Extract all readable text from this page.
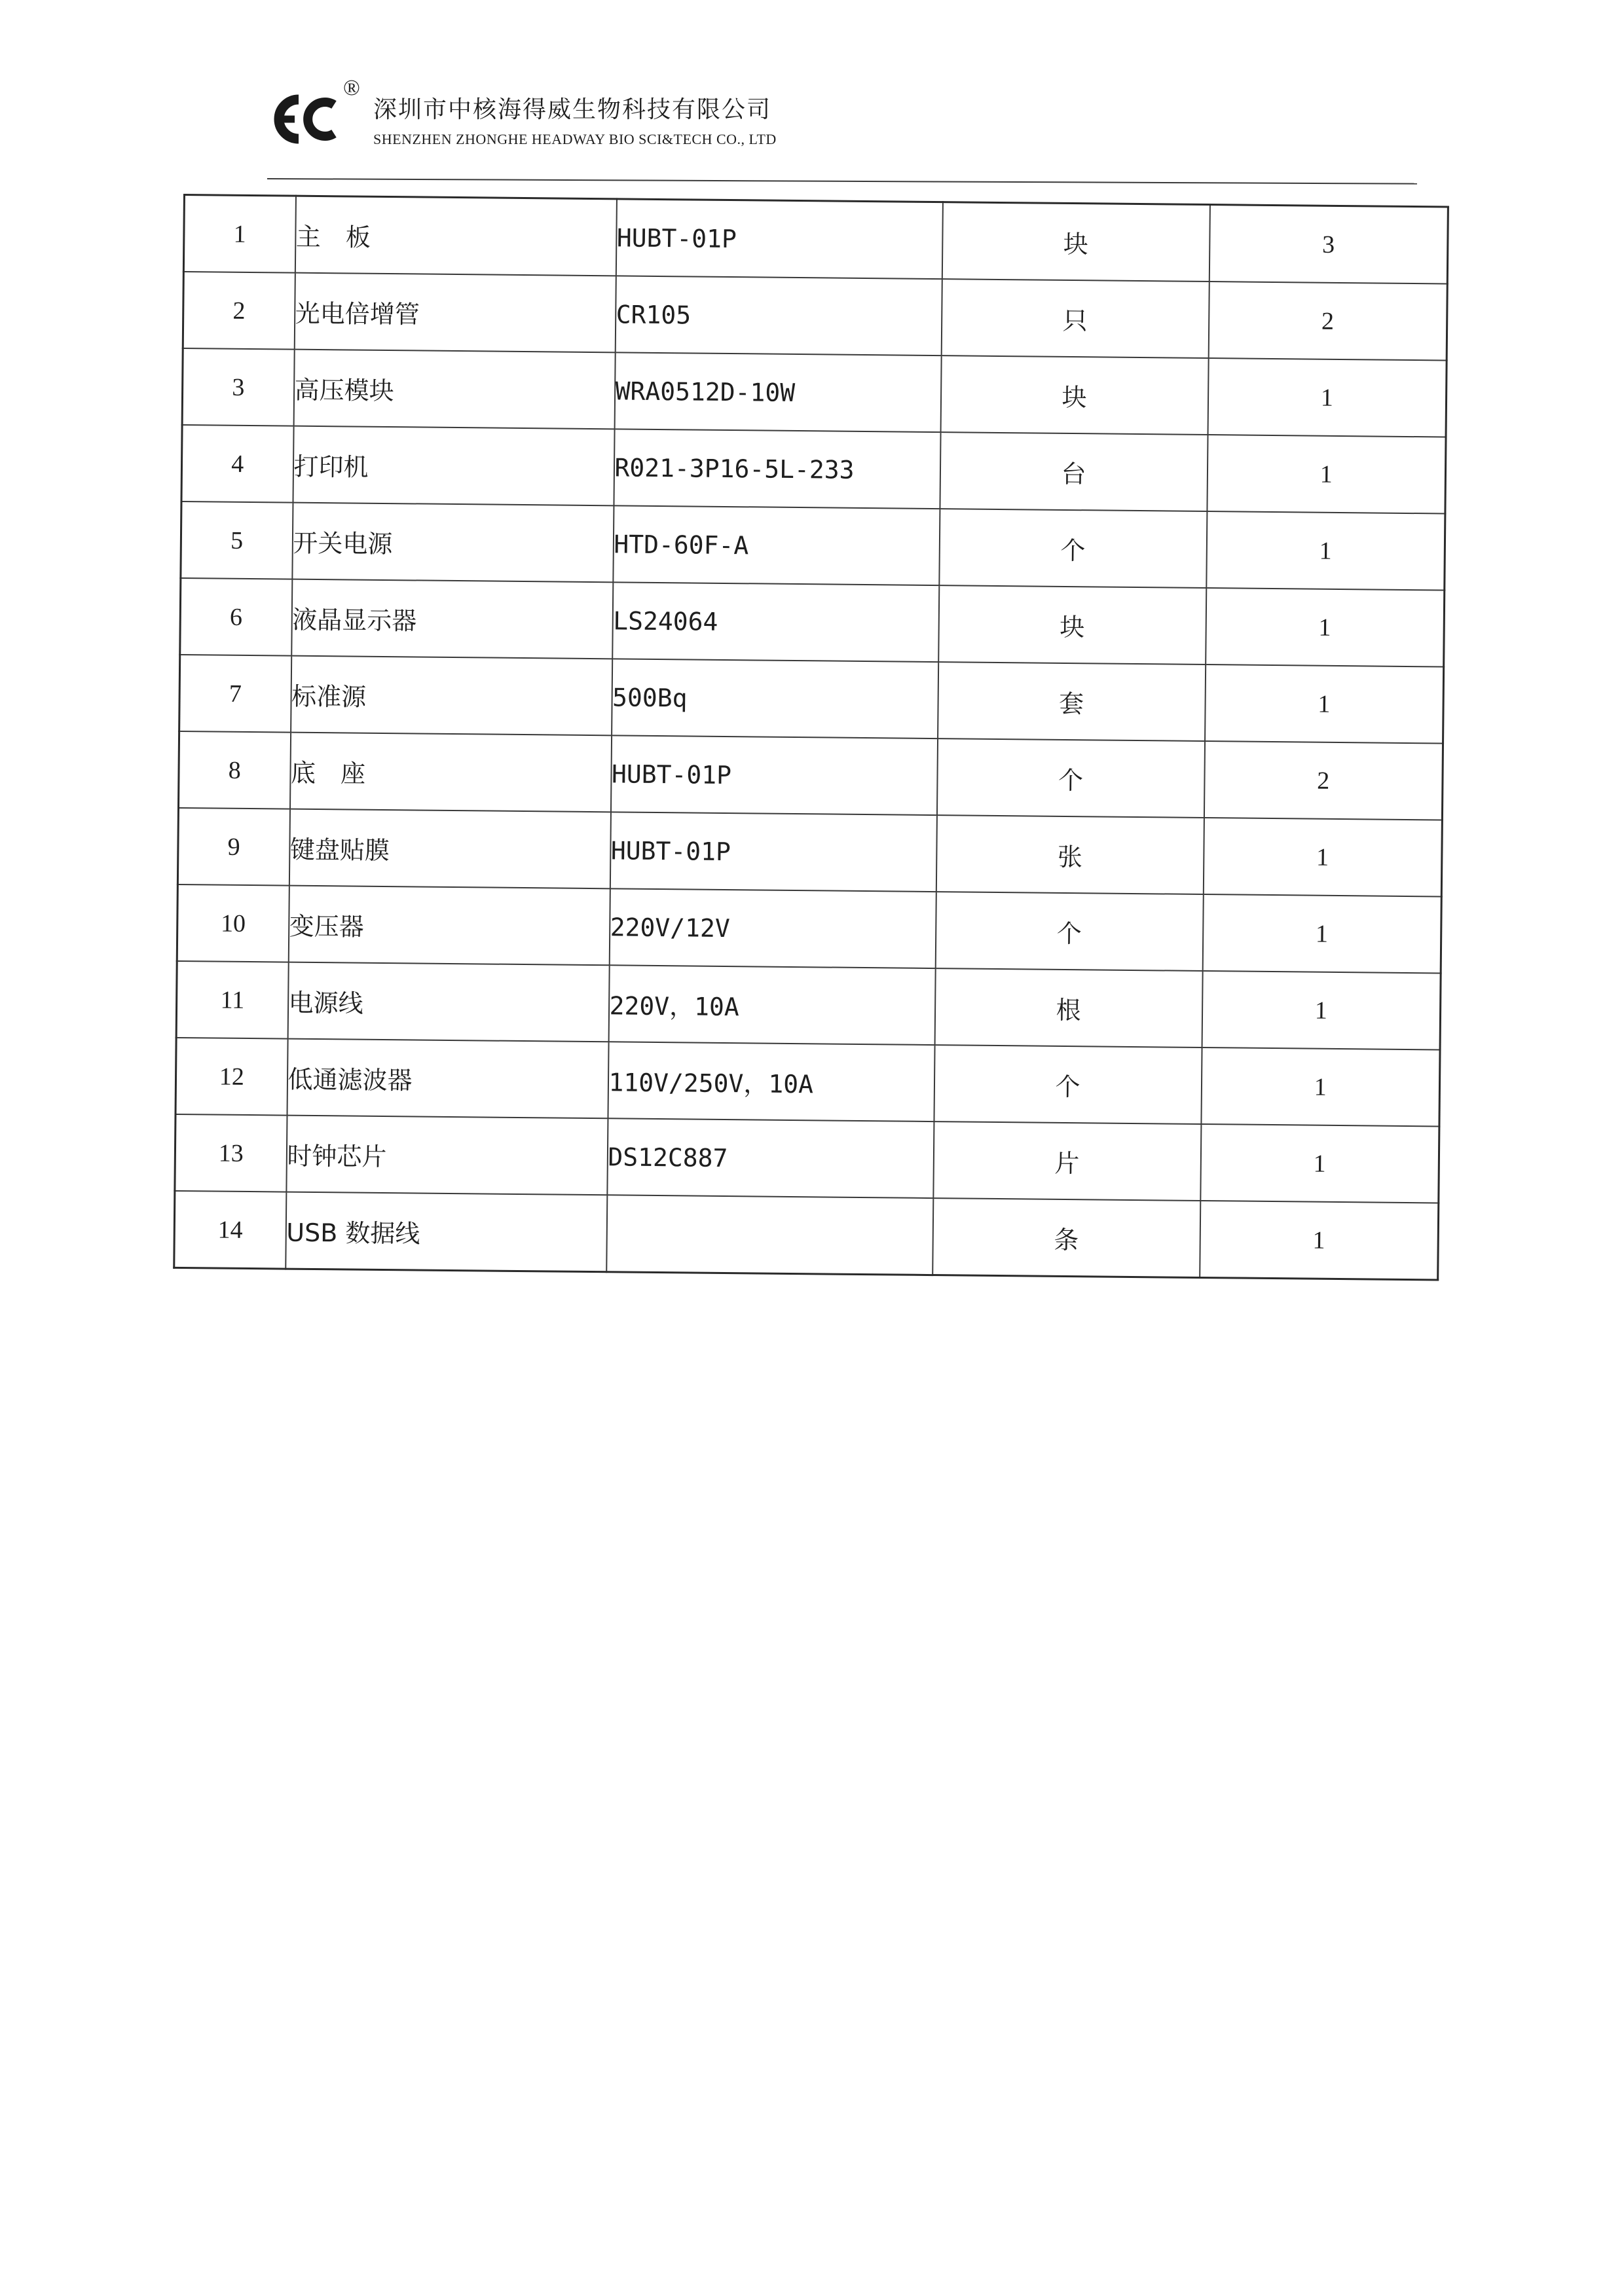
®
深圳市中核海得威生物科技有限公司
SHENZHEN ZHONGHE HEADWAY BIO SCI&TECH CO., LTD
1	主　板	HUBT-01P	块	3
2	光电倍增管	CR105	只	2
3	高压模块	WRA0512D-10W	块	1
4	打印机	R021-3P16-5L-233	台	1
5	开关电源	HTD-60F-A	个	1
6	液晶显示器	LS24064	块	1
7	标准源	500Bq	套	1
8	底　座	HUBT-01P	个	2
9	键盘贴膜	HUBT-01P	张	1
10	变压器	220V/12V	个	1
11	电源线	220V，10A	根	1
12	低通滤波器	110V/250V，10A	个	1
13	时钟芯片	DS12C887	片	1
14	USB 数据线		条	1
